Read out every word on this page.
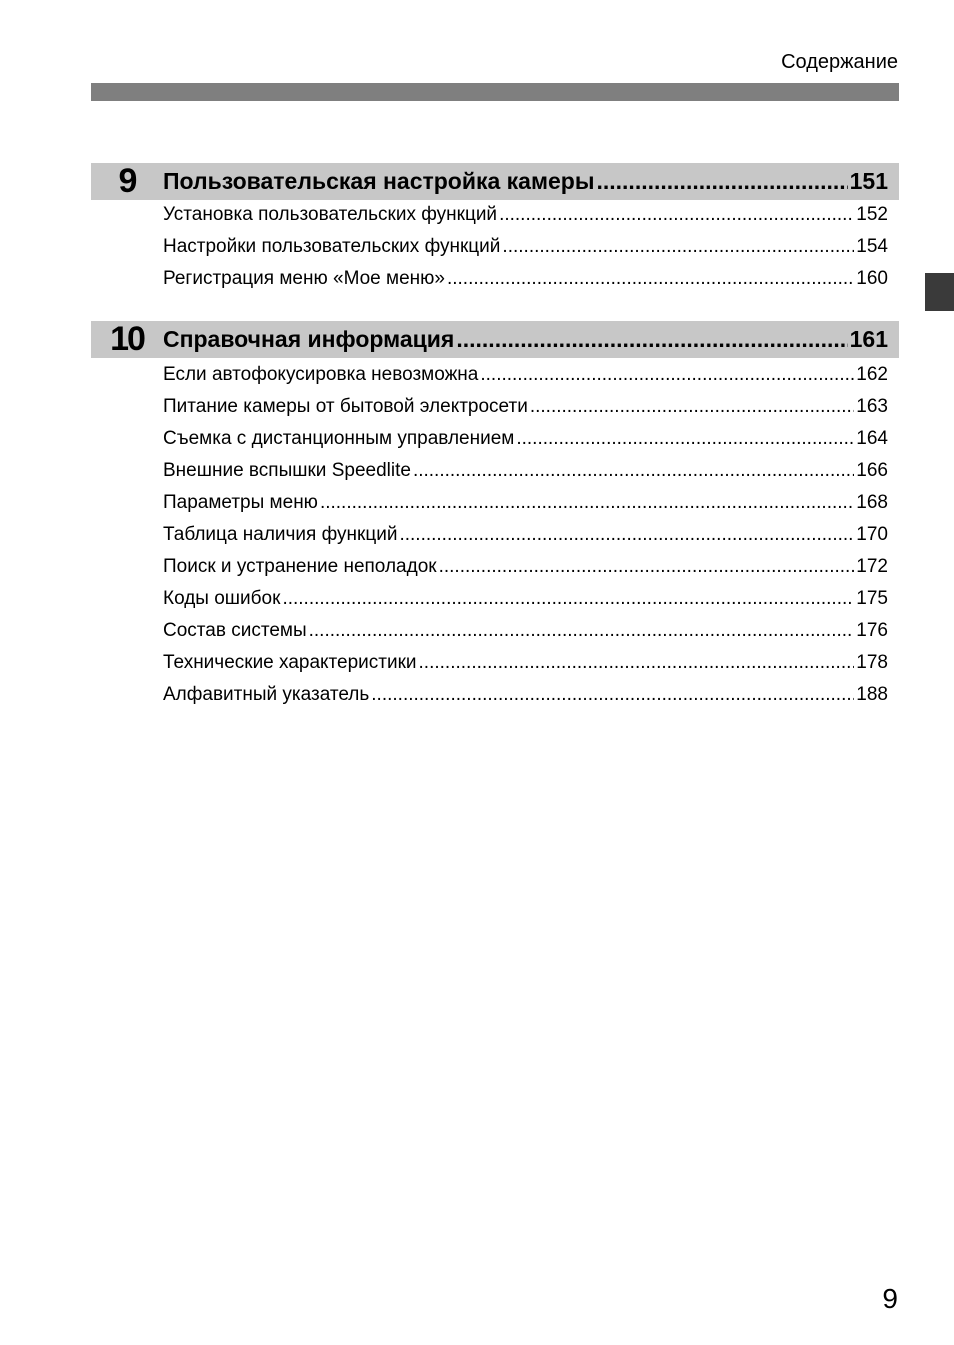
Содержание
9	Пользовательская настройка камеры .....	151
Установка пользовательских функций .....	152
Настройки пользовательских функций .....	154
Регистрация меню «Мое меню» .....	160
10 Справочная информация .....	161
Если автофокусировка невозможна .....	162
Питание камеры от бытовой электросети .....	163
Съемка с дистанционным управлением .....	164
Внешние вспышки Speedlite .....	166
Параметры меню .....	168
Таблица наличия функций .....	170
Поиск и устранение неполадок .....	172
Коды ошибок .....	175
Состав системы .....	176
Технические характеристики .....	178
Алфавитный указатель .....	188
9
